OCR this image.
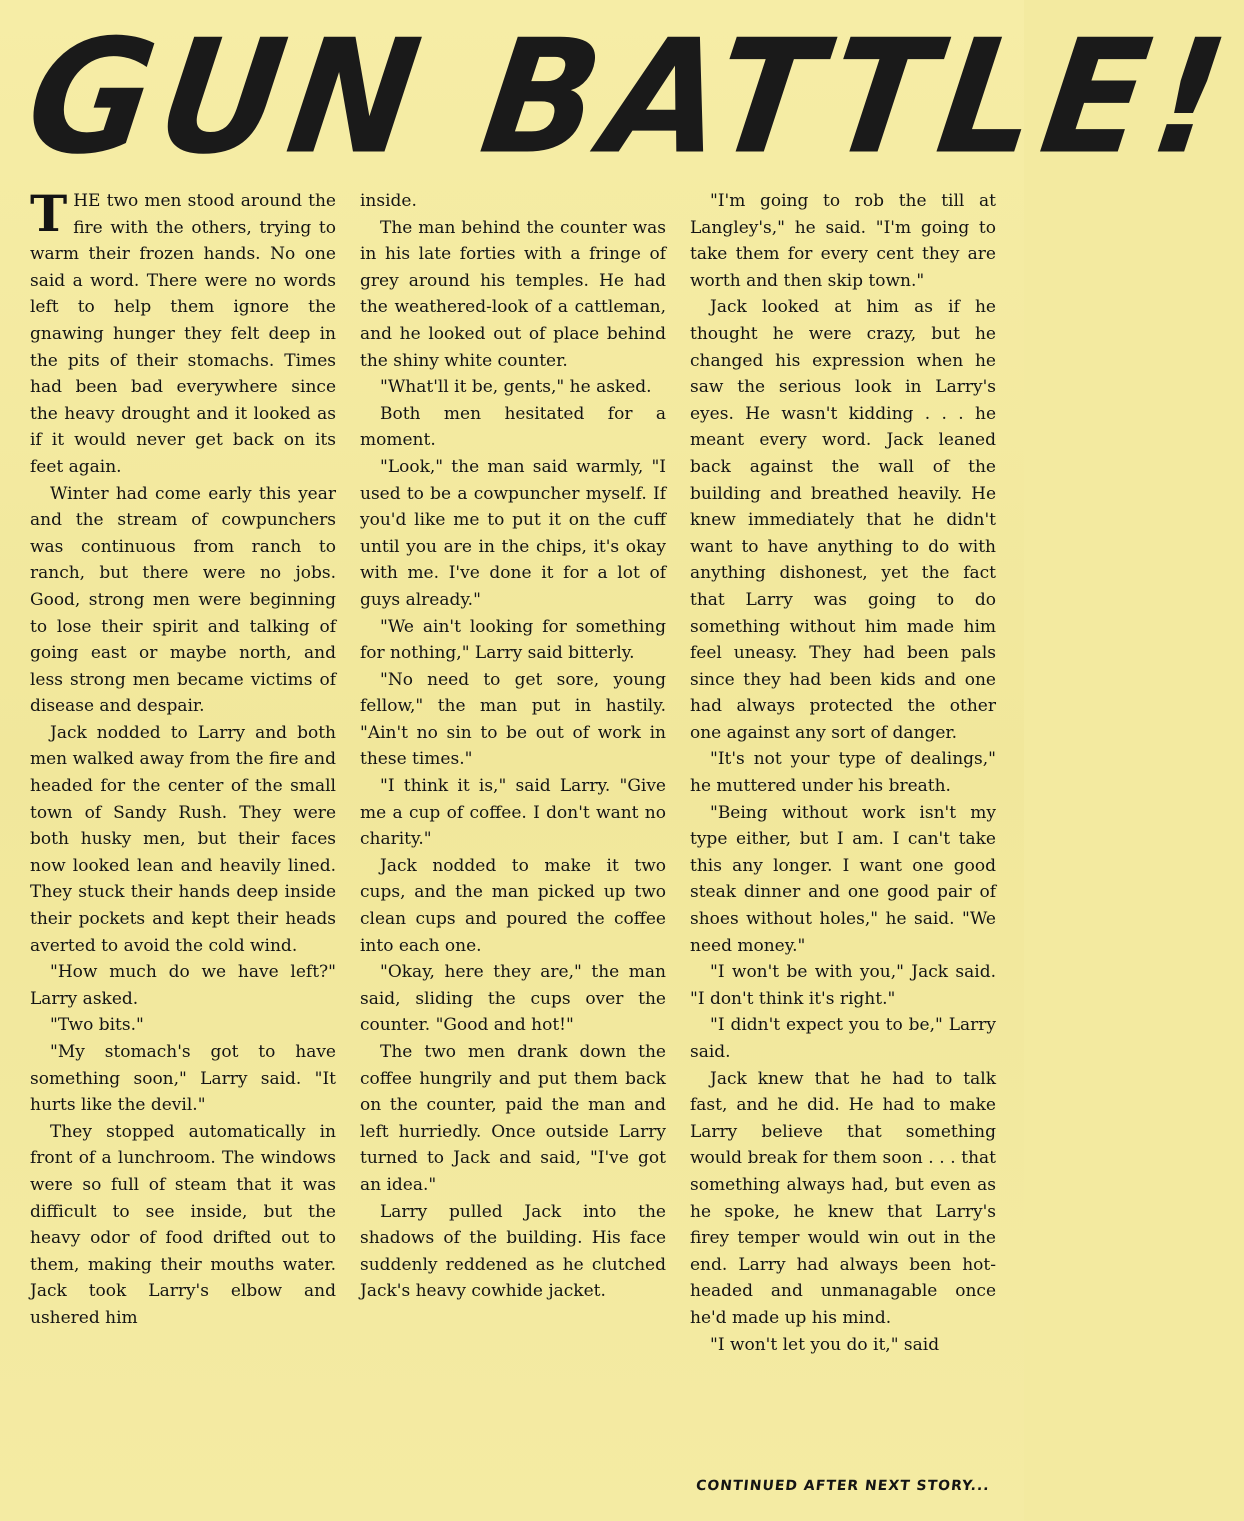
GUN BATTLE!

THE two men stood around the fire with the others, trying to warm their frozen hands. No one said a word. There were no words left to help them ignore the gnawing hunger they felt deep in the pits of their stomachs. Times had been bad everywhere since the heavy drought and it looked as if it would never get back on its feet again.

Winter had come early this year and the stream of cowpunchers was continuous from ranch to ranch, but there were no jobs. Good, strong men were beginning to lose their spirit and talking of going east or maybe north, and less strong men became victims of disease and despair.

Jack nodded to Larry and both men walked away from the fire and headed for the center of the small town of Sandy Rush. They were both husky men, but their faces now looked lean and heavily lined. They stuck their hands deep inside their pockets and kept their heads averted to avoid the cold wind.

"How much do we have left?" Larry asked.

"Two bits."

"My stomach's got to have something soon," Larry said. "It hurts like the devil."

They stopped automatically in front of a lunchroom. The windows were so full of steam that it was difficult to see inside, but the heavy odor of food drifted out to them, making their mouths water. Jack took Larry's elbow and ushered him

inside.

The man behind the counter was in his late forties with a fringe of grey around his temples. He had the weathered-look of a cattleman, and he looked out of place behind the shiny white counter.

"What'll it be, gents," he asked.

Both men hesitated for a moment.

"Look," the man said warmly, "I used to be a cowpuncher myself. If you'd like me to put it on the cuff until you are in the chips, it's okay with me. I've done it for a lot of guys already."

"We ain't looking for something for nothing," Larry said bitterly.

"No need to get sore, young fellow," the man put in hastily. "Ain't no sin to be out of work in these times."

"I think it is," said Larry. "Give me a cup of coffee. I don't want no charity."

Jack nodded to make it two cups, and the man picked up two clean cups and poured the coffee into each one.

"Okay, here they are," the man said, sliding the cups over the counter. "Good and hot!"

The two men drank down the coffee hungrily and put them back on the counter, paid the man and left hurriedly. Once outside Larry turned to Jack and said, "I've got an idea."

Larry pulled Jack into the shadows of the building. His face suddenly reddened as he clutched Jack's heavy cowhide jacket.

"I'm going to rob the till at Langley's," he said. "I'm going to take them for every cent they are worth and then skip town."

Jack looked at him as if he thought he were crazy, but he changed his expression when he saw the serious look in Larry's eyes. He wasn't kidding . . . he meant every word. Jack leaned back against the wall of the building and breathed heavily. He knew immediately that he didn't want to have anything to do with anything dishonest, yet the fact that Larry was going to do something without him made him feel uneasy. They had been pals since they had been kids and one had always protected the other one against any sort of danger.

"It's not your type of dealings," he muttered under his breath.

"Being without work isn't my type either, but I am. I can't take this any longer. I want one good steak dinner and one good pair of shoes without holes," he said. "We need money."

"I won't be with you," Jack said. "I don't think it's right."

"I didn't expect you to be," Larry said.

Jack knew that he had to talk fast, and he did. He had to make Larry believe that something would break for them soon . . . that something always had, but even as he spoke, he knew that Larry's firey temper would win out in the end. Larry had always been hot-headed and unmanagable once he'd made up his mind.

"I won't let you do it," said

CONTINUED AFTER NEXT STORY...
